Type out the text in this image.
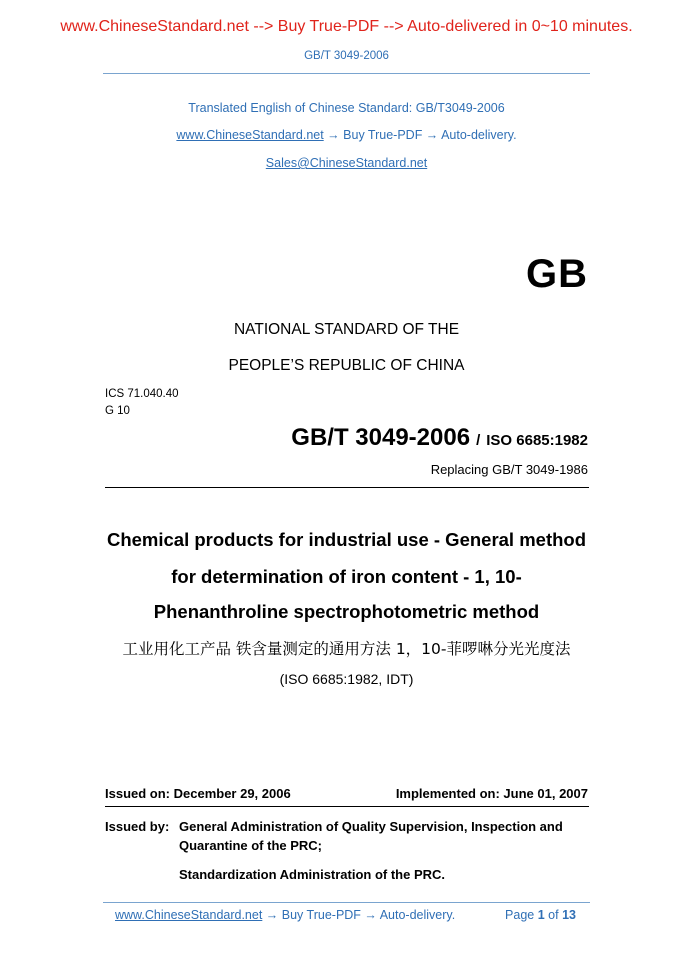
www.ChineseStandard.net --> Buy True-PDF --> Auto-delivered in 0~10 minutes.
GB/T 3049-2006
Translated English of Chinese Standard: GB/T3049-2006
www.ChineseStandard.net → Buy True-PDF → Auto-delivery.
Sales@ChineseStandard.net
GB
NATIONAL STANDARD OF THE
PEOPLE’S REPUBLIC OF CHINA
ICS 71.040.40
G 10
GB/T 3049-2006 / ISO 6685:1982
Replacing GB/T 3049-1986
Chemical products for industrial use - General method
for determination of iron content - 1, 10-
Phenanthroline spectrophotometric method
工业用化工产品 铁含量测定的通用方法 1，10-菲啰啉分光光度法
(ISO 6685:1982, IDT)
Issued on: December 29, 2006	Implemented on: June 01, 2007
Issued by: General Administration of Quality Supervision, Inspection and
Quarantine of the PRC;
Standardization Administration of the PRC.
www.ChineseStandard.net → Buy True-PDF → Auto-delivery.	Page 1 of 13
